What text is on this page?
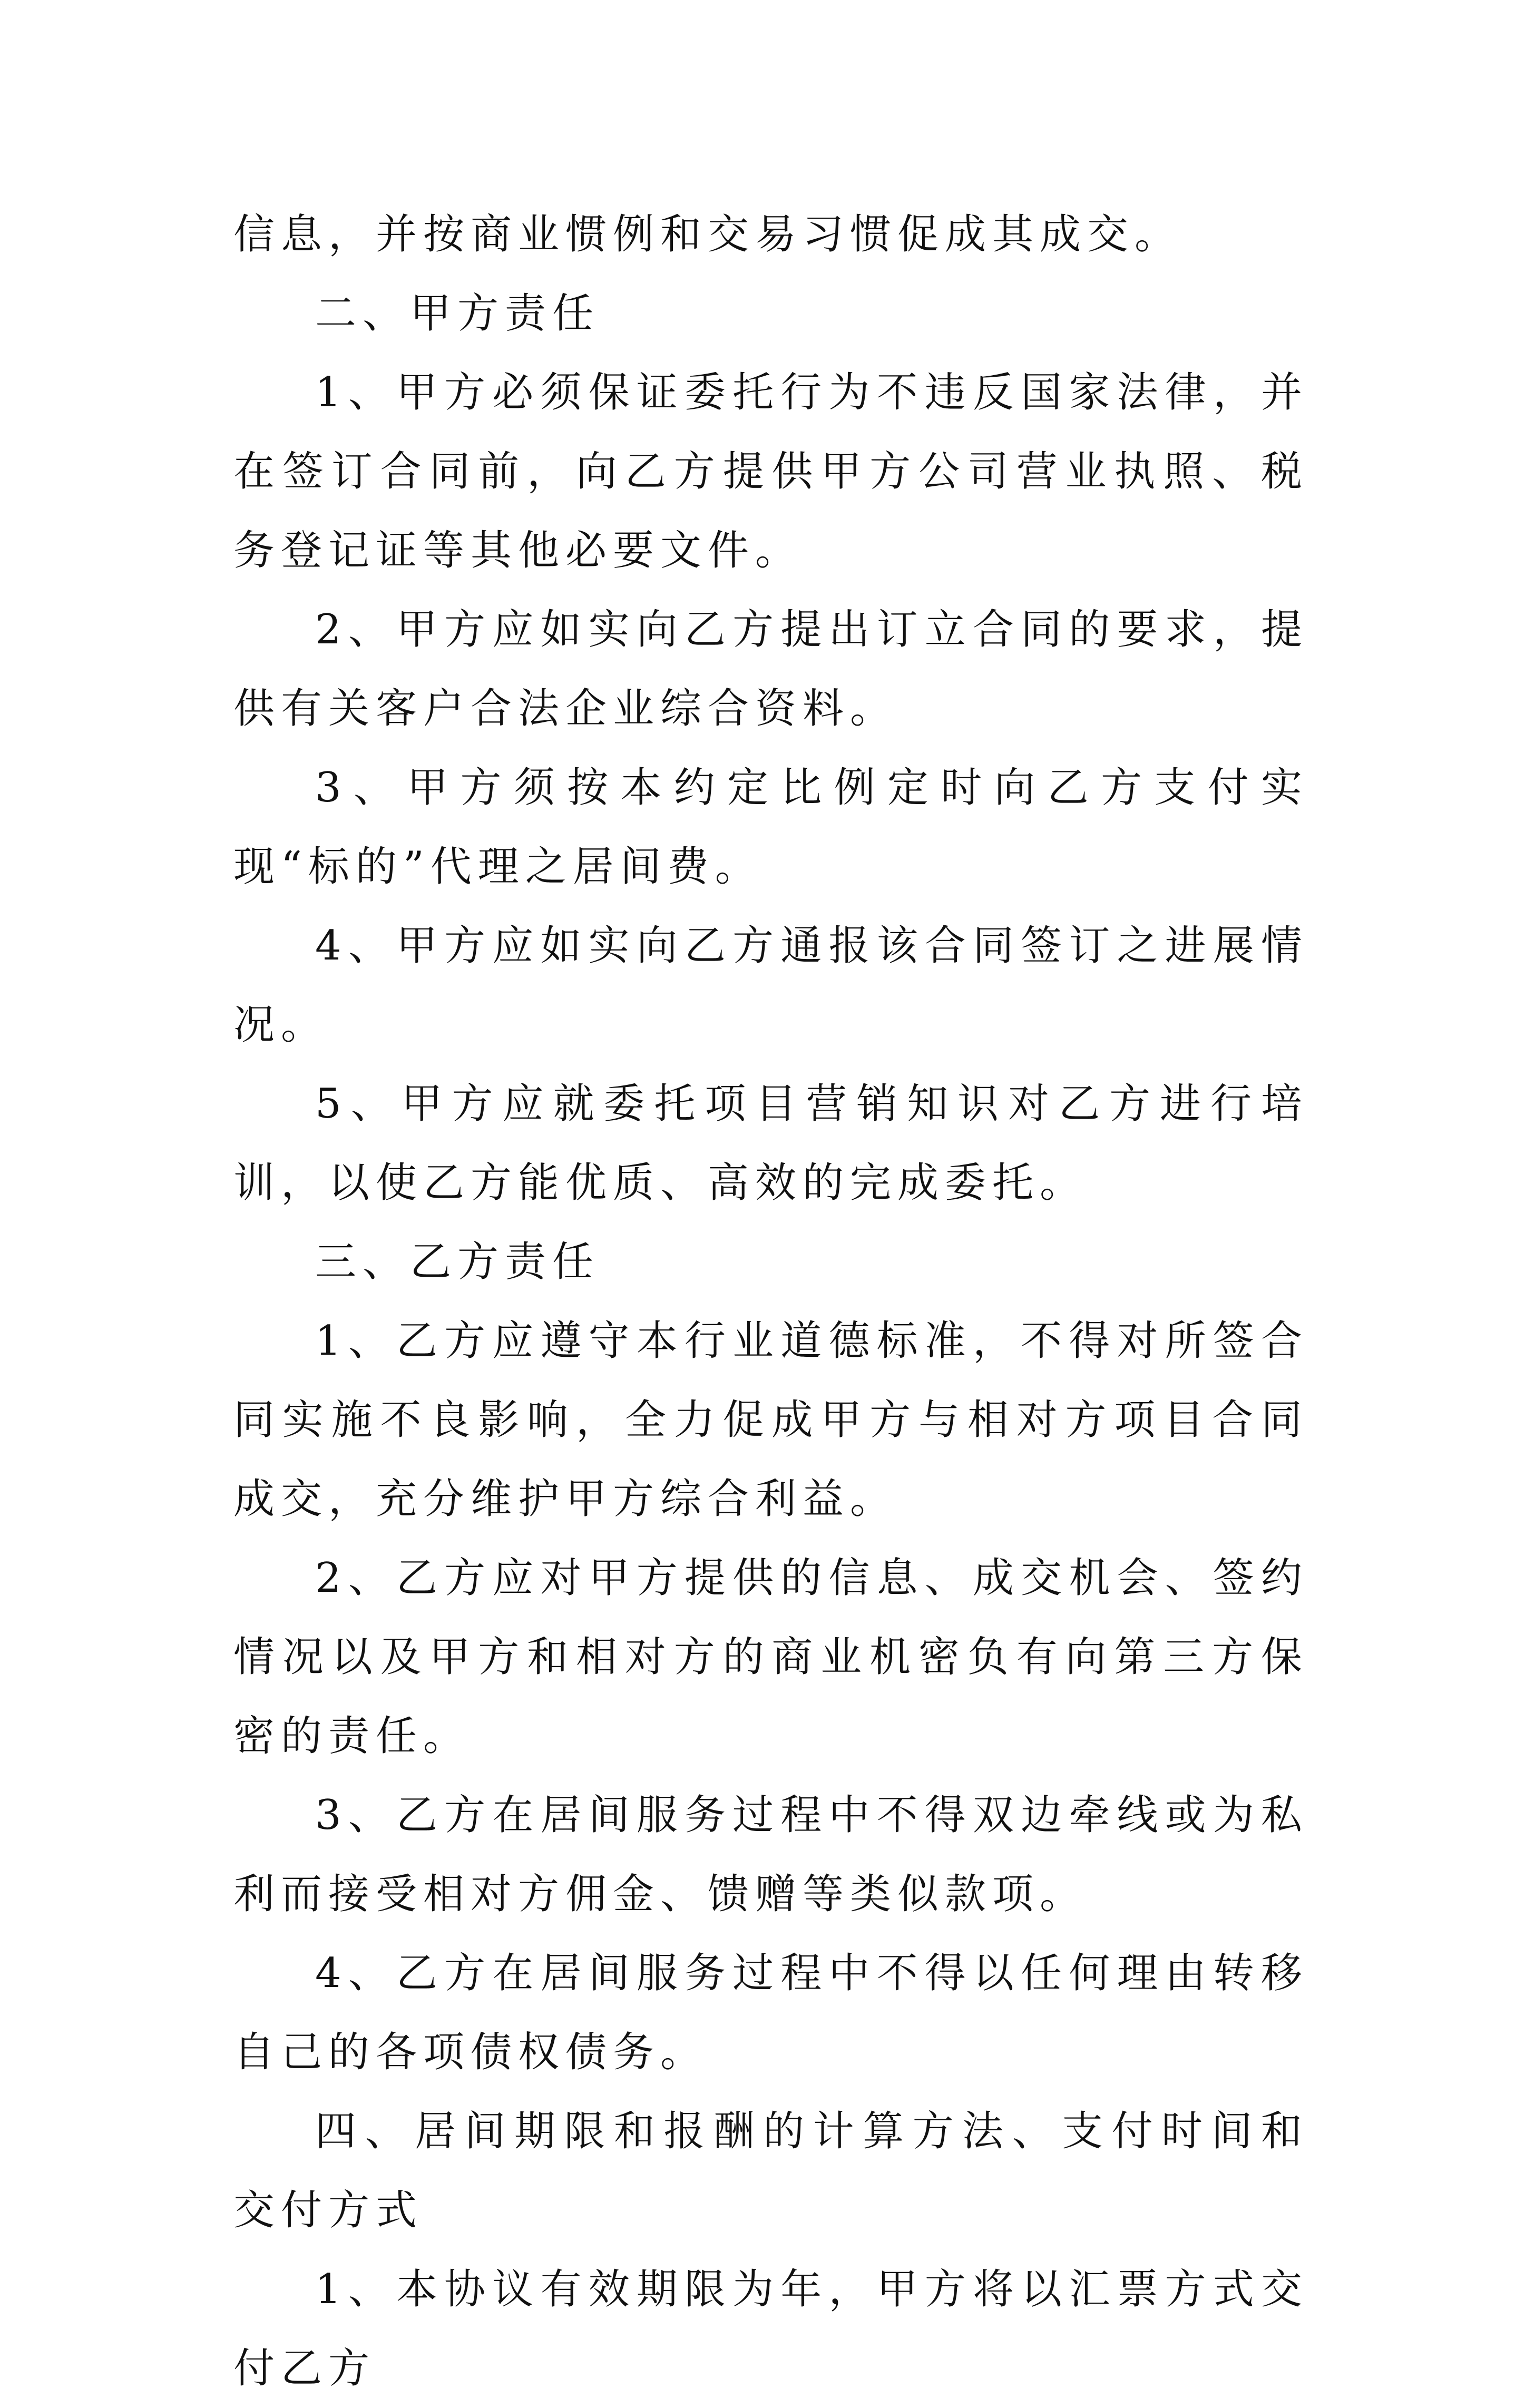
信息，并按商业惯例和交易习惯促成其成交。

二、甲方责任

1、甲方必须保证委托行为不违反国家法律，并在签订合同前，向乙方提供甲方公司营业执照、税务登记证等其他必要文件。

2、甲方应如实向乙方提出订立合同的要求，提供有关客户合法企业综合资料。

3、甲方须按本约定比例定时向乙方支付实现“标的”代理之居间费。

4、甲方应如实向乙方通报该合同签订之进展情况。

5、甲方应就委托项目营销知识对乙方进行培训，以使乙方能优质、高效的完成委托。

三、乙方责任

1、乙方应遵守本行业道德标准，不得对所签合同实施不良影响，全力促成甲方与相对方项目合同成交，充分维护甲方综合利益。

2、乙方应对甲方提供的信息、成交机会、签约情况以及甲方和相对方的商业机密负有向第三方保密的责任。

3、乙方在居间服务过程中不得双边牵线或为私利而接受相对方佣金、馈赠等类似款项。

4、乙方在居间服务过程中不得以任何理由转移自己的各项债权债务。

四、居间期限和报酬的计算方法、支付时间和交付方式

1、本协议有效期限为年，甲方将以汇票方式交付乙方
